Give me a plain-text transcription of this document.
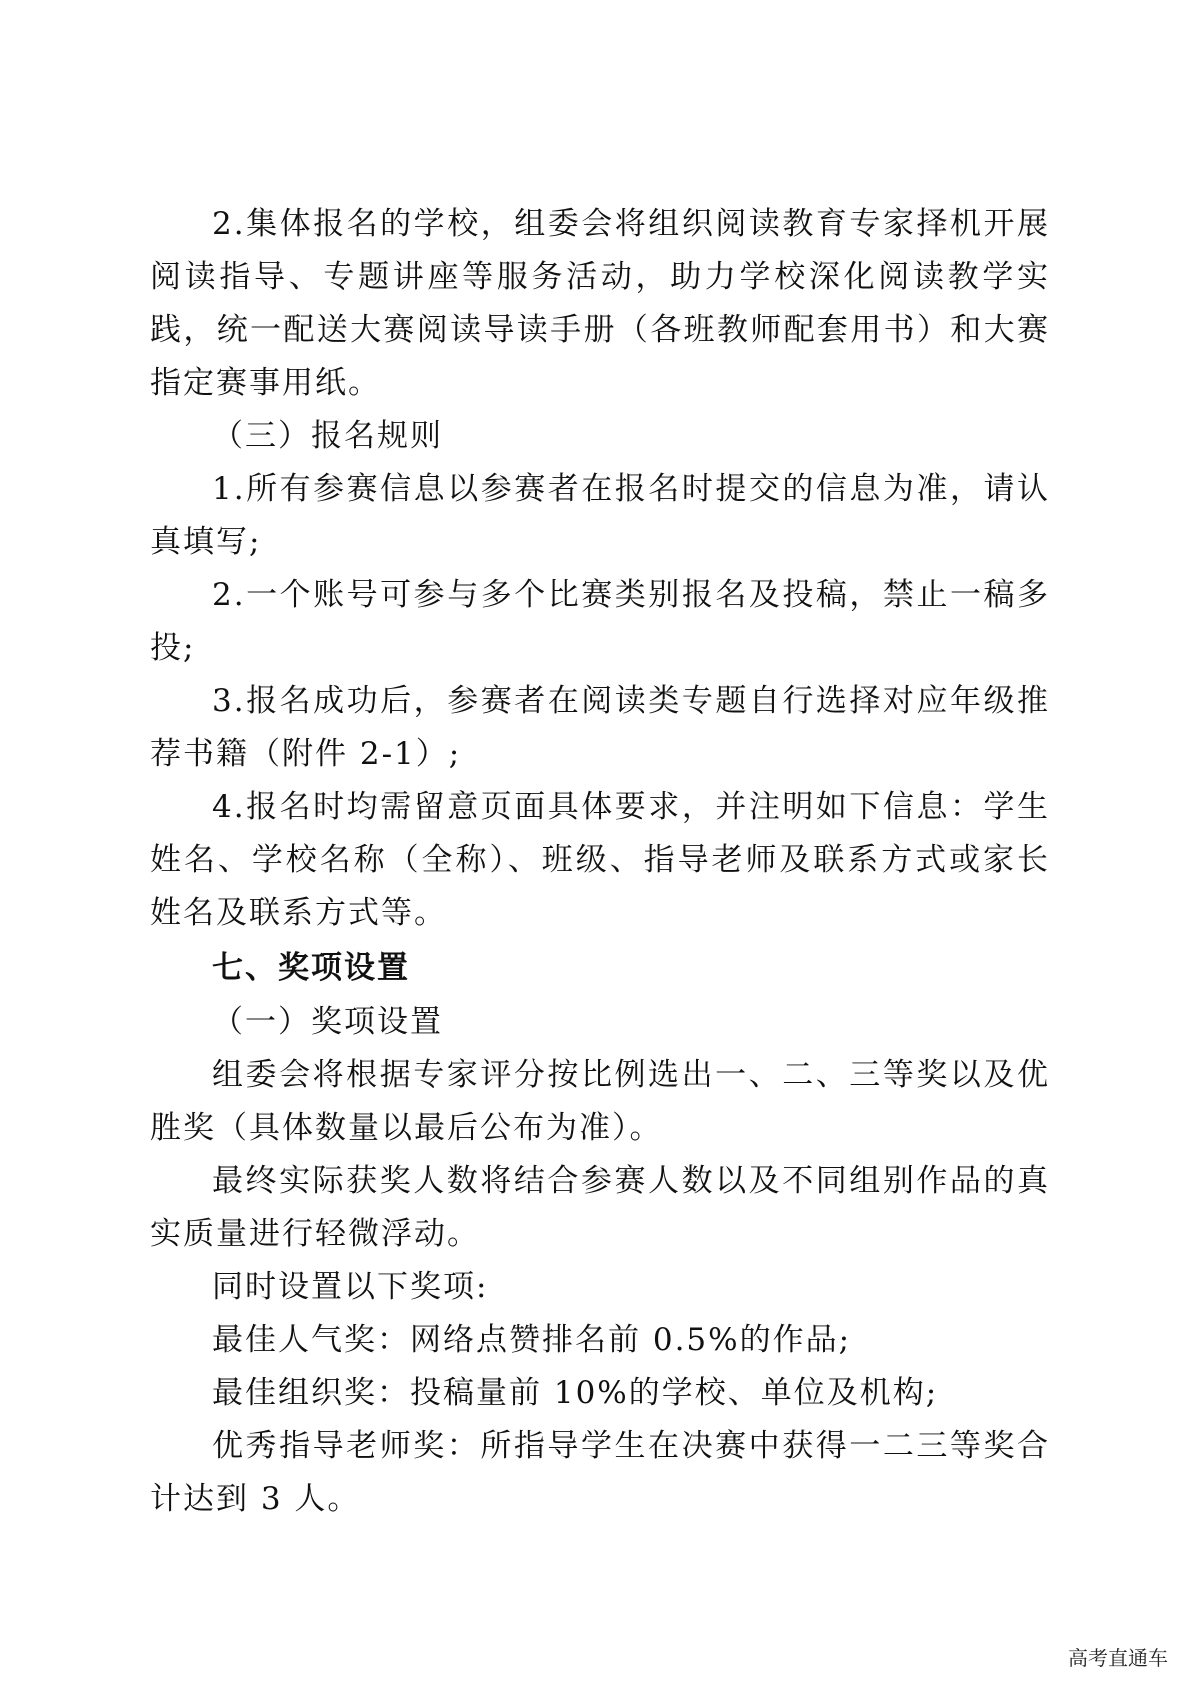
2.集体报名的学校，组委会将组织阅读教育专家择机开展阅读指导、专题讲座等服务活动，助力学校深化阅读教学实践，统一配送大赛阅读导读手册（各班教师配套用书）和大赛指定赛事用纸。

（三）报名规则

1.所有参赛信息以参赛者在报名时提交的信息为准，请认真填写;

2.一个账号可参与多个比赛类别报名及投稿，禁止一稿多投;

3.报名成功后，参赛者在阅读类专题自行选择对应年级推荐书籍（附件 2-1）;

4.报名时均需留意页面具体要求，并注明如下信息：学生姓名、学校名称（全称）、班级、指导老师及联系方式或家长姓名及联系方式等。

七、奖项设置

（一）奖项设置

组委会将根据专家评分按比例选出一、二、三等奖以及优胜奖（具体数量以最后公布为准）。

最终实际获奖人数将结合参赛人数以及不同组别作品的真实质量进行轻微浮动。

同时设置以下奖项:

最佳人气奖：网络点赞排名前 0.5%的作品;

最佳组织奖：投稿量前 10%的学校、单位及机构;

优秀指导老师奖：所指导学生在决赛中获得一二三等奖合计达到 3 人。

高考直通车
